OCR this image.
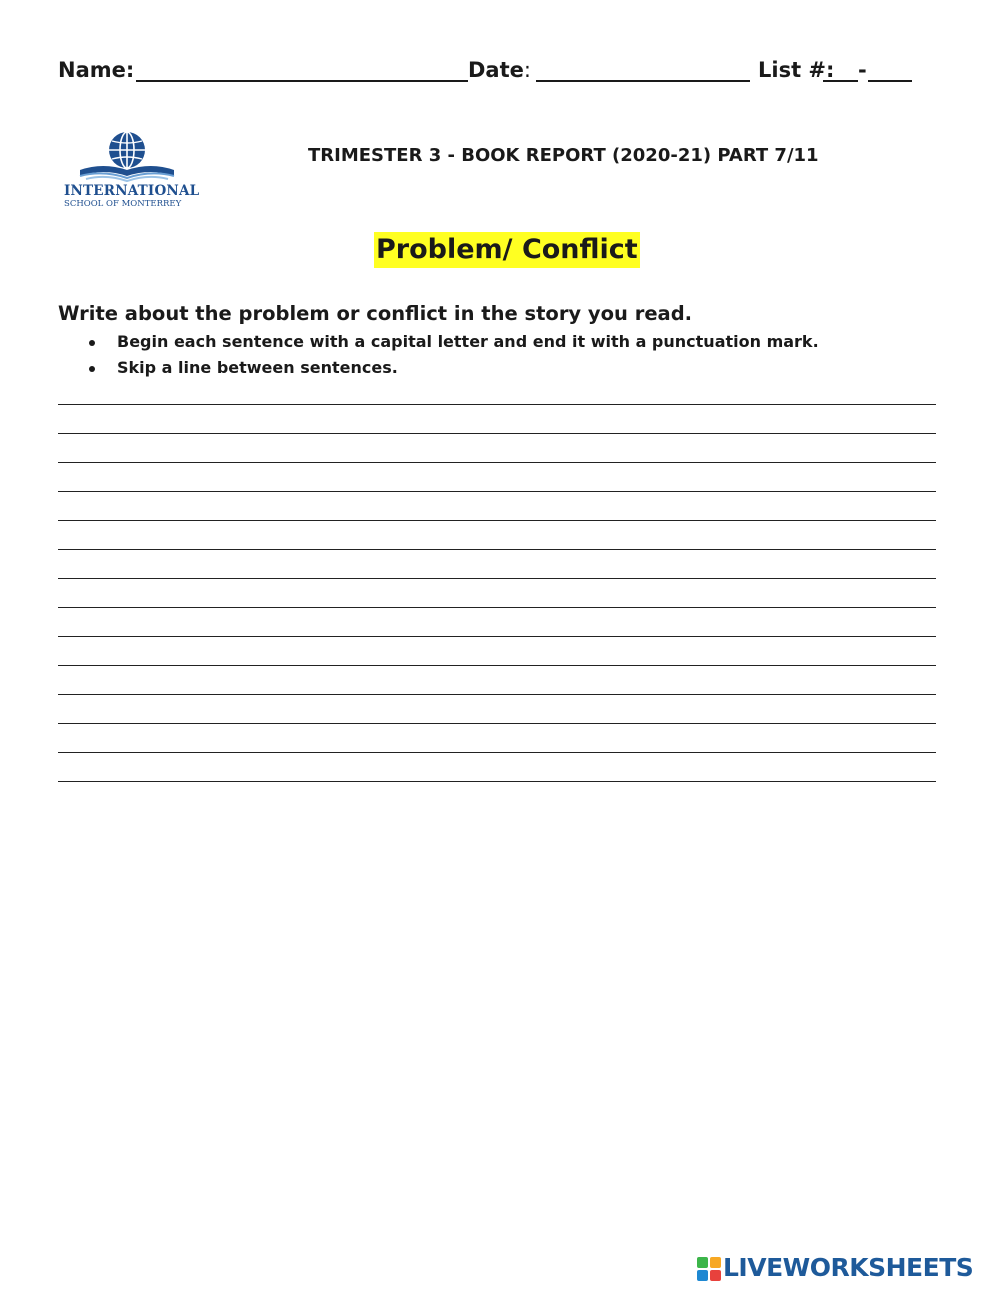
Name:	Date:	List #: -
INTERNATIONAL
SCHOOL OF MONTERREY
TRIMESTER 3 - BOOK REPORT (2020-21) PART 7/11
Problem/ Conflict
Write about the problem or conflict in the story you read.
Begin each sentence with a capital letter and end it with a punctuation mark.
Skip a line between sentences.
LIVEWORKSHEETS
